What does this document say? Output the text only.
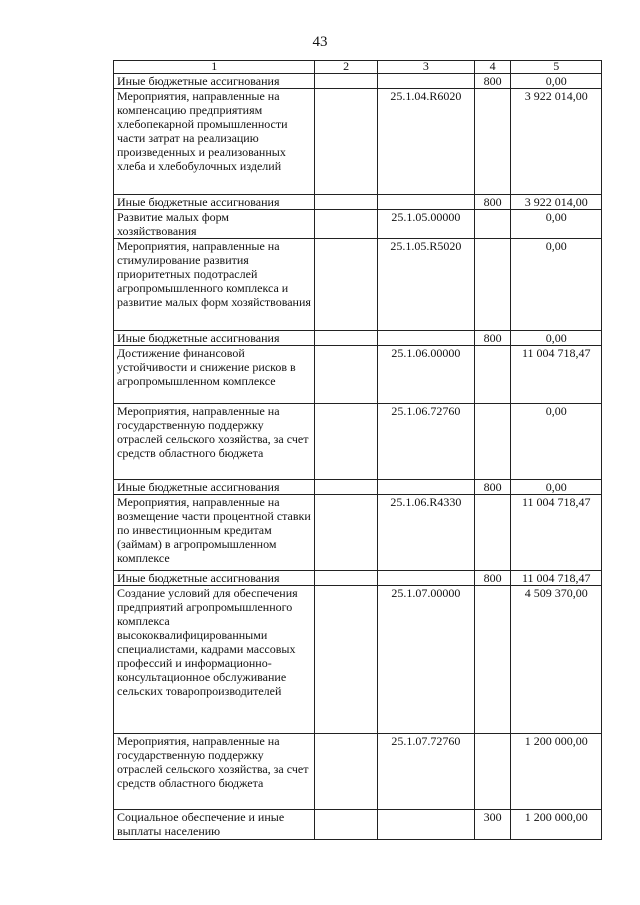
43
1	2	3	4	5
Иные бюджетные ассигнования			800	0,00
Мероприятия, направленные на компенсацию предприятиям хлебопекарной промышленности части затрат на реализацию произведенных и реализованных хлеба и хлебобулочных изделий		25.1.04.R6020		3 922 014,00
Иные бюджетные ассигнования			800	3 922 014,00
Развитие малых форм хозяйствования		25.1.05.00000		0,00
Мероприятия, направленные на стимулирование развития приоритетных подотраслей агропромышленного комплекса и развитие малых форм хозяйствования		25.1.05.R5020		0,00
Иные бюджетные ассигнования			800	0,00
Достижение финансовой устойчивости и снижение рисков в агропромышленном комплексе		25.1.06.00000		11 004 718,47
Мероприятия, направленные на государственную поддержку отраслей сельского хозяйства, за счет средств областного бюджета		25.1.06.72760		0,00
Иные бюджетные ассигнования			800	0,00
Мероприятия, направленные на возмещение части процентной ставки по инвестиционным кредитам (займам) в агропромышленном комплексе		25.1.06.R4330		11 004 718,47
Иные бюджетные ассигнования			800	11 004 718,47
Создание условий для обеспечения предприятий агропромышленного комплекса высококвалифицированными специалистами, кадрами массовых профессий и информационно-консультационное обслуживание сельских товаропроизводителей		25.1.07.00000		4 509 370,00
Мероприятия, направленные на государственную поддержку отраслей сельского хозяйства, за счет средств областного бюджета		25.1.07.72760		1 200 000,00
Социальное обеспечение и иные выплаты населению			300	1 200 000,00
